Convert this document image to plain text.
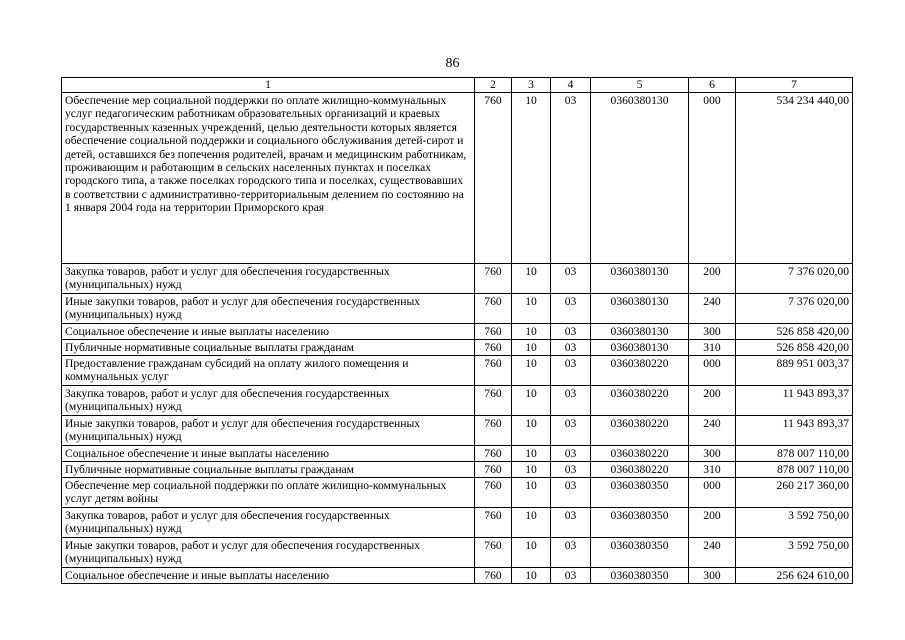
86
1	2	3	4	5	6	7
Обеспечение мер социальной поддержки по оплате жилищно-коммунальных услуг педагогическим работникам образовательных организаций и краевых государственных казенных учреждений, целью деятельности которых является обеспечение социальной поддержки и социального обслуживания детей-сирот и детей, оставшихся без попечения родителей, врачам и медицинским работникам, проживающим и работающим в сельских населенных пунктах и поселках городского типа, а также поселках городского типа и поселках, существовавших в соответствии с административно-территориальным делением по состоянию на 1 января 2004 года на территории Приморского края	760	10	03	0360380130	000	534 234 440,00
Закупка товаров, работ и услуг для обеспечения государственных (муниципальных) нужд	760	10	03	0360380130	200	7 376 020,00
Иные закупки товаров, работ и услуг для обеспечения государственных (муниципальных) нужд	760	10	03	0360380130	240	7 376 020,00
Социальное обеспечение и иные выплаты населению	760	10	03	0360380130	300	526 858 420,00
Публичные нормативные социальные выплаты гражданам	760	10	03	0360380130	310	526 858 420,00
Предоставление гражданам субсидий на оплату жилого помещения и коммунальных услуг	760	10	03	0360380220	000	889 951 003,37
Закупка товаров, работ и услуг для обеспечения государственных (муниципальных) нужд	760	10	03	0360380220	200	11 943 893,37
Иные закупки товаров, работ и услуг для обеспечения государственных (муниципальных) нужд	760	10	03	0360380220	240	11 943 893,37
Социальное обеспечение и иные выплаты населению	760	10	03	0360380220	300	878 007 110,00
Публичные нормативные социальные выплаты гражданам	760	10	03	0360380220	310	878 007 110,00
Обеспечение мер социальной поддержки по оплате жилищно-коммунальных услуг детям войны	760	10	03	0360380350	000	260 217 360,00
Закупка товаров, работ и услуг для обеспечения государственных (муниципальных) нужд	760	10	03	0360380350	200	3 592 750,00
Иные закупки товаров, работ и услуг для обеспечения государственных (муниципальных) нужд	760	10	03	0360380350	240	3 592 750,00
Социальное обеспечение и иные выплаты населению	760	10	03	0360380350	300	256 624 610,00
